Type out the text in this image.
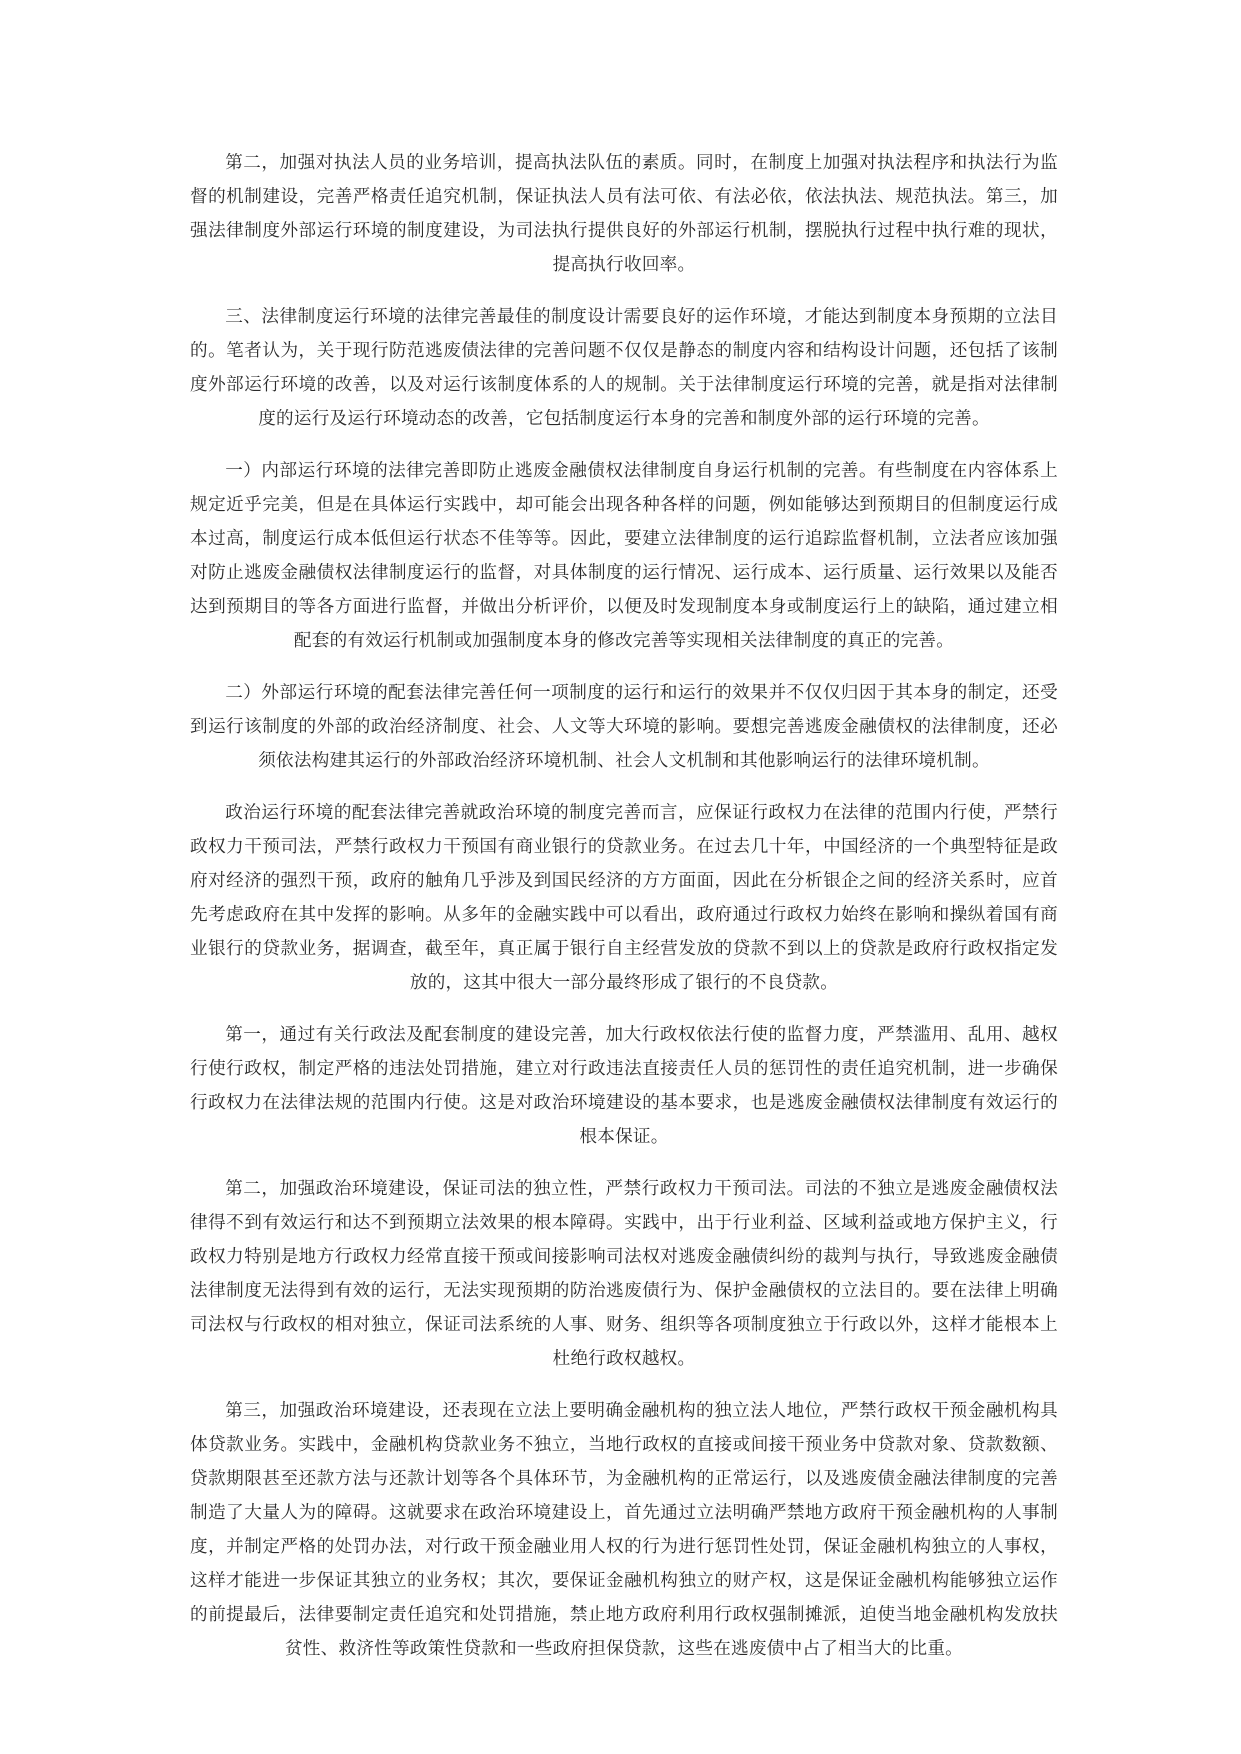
第二，加强对执法人员的业务培训，提高执法队伍的素质。同时，在制度上加强对执法程序和执法行为监督的机制建设，完善严格责任追究机制，保证执法人员有法可依、有法必依，依法执法、规范执法。第三，加强法律制度外部运行环境的制度建设，为司法执行提供良好的外部运行机制，摆脱执行过程中执行难的现状，提高执行收回率。

三、法律制度运行环境的法律完善最佳的制度设计需要良好的运作环境，才能达到制度本身预期的立法目的。笔者认为，关于现行防范逃废债法律的完善问题不仅仅是静态的制度内容和结构设计问题，还包括了该制度外部运行环境的改善，以及对运行该制度体系的人的规制。关于法律制度运行环境的完善，就是指对法律制度的运行及运行环境动态的改善，它包括制度运行本身的完善和制度外部的运行环境的完善。

一）内部运行环境的法律完善即防止逃废金融债权法律制度自身运行机制的完善。有些制度在内容体系上规定近乎完美，但是在具体运行实践中，却可能会出现各种各样的问题，例如能够达到预期目的但制度运行成本过高，制度运行成本低但运行状态不佳等等。因此，要建立法律制度的运行追踪监督机制，立法者应该加强对防止逃废金融债权法律制度运行的监督，对具体制度的运行情况、运行成本、运行质量、运行效果以及能否达到预期目的等各方面进行监督，并做出分析评价，以便及时发现制度本身或制度运行上的缺陷，通过建立相配套的有效运行机制或加强制度本身的修改完善等实现相关法律制度的真正的完善。

二）外部运行环境的配套法律完善任何一项制度的运行和运行的效果并不仅仅归因于其本身的制定，还受到运行该制度的外部的政治经济制度、社会、人文等大环境的影响。要想完善逃废金融债权的法律制度，还必须依法构建其运行的外部政治经济环境机制、社会人文机制和其他影响运行的法律环境机制。

政治运行环境的配套法律完善就政治环境的制度完善而言，应保证行政权力在法律的范围内行使，严禁行政权力干预司法，严禁行政权力干预国有商业银行的贷款业务。在过去几十年，中国经济的一个典型特征是政府对经济的强烈干预，政府的触角几乎涉及到国民经济的方方面面，因此在分析银企之间的经济关系时，应首先考虑政府在其中发挥的影响。从多年的金融实践中可以看出，政府通过行政权力始终在影响和操纵着国有商业银行的贷款业务，据调查，截至年，真正属于银行自主经营发放的贷款不到以上的贷款是政府行政权指定发放的，这其中很大一部分最终形成了银行的不良贷款。

第一，通过有关行政法及配套制度的建设完善，加大行政权依法行使的监督力度，严禁滥用、乱用、越权行使行政权，制定严格的违法处罚措施，建立对行政违法直接责任人员的惩罚性的责任追究机制，进一步确保行政权力在法律法规的范围内行使。这是对政治环境建设的基本要求，也是逃废金融债权法律制度有效运行的根本保证。

第二，加强政治环境建设，保证司法的独立性，严禁行政权力干预司法。司法的不独立是逃废金融债权法律得不到有效运行和达不到预期立法效果的根本障碍。实践中，出于行业利益、区域利益或地方保护主义，行政权力特别是地方行政权力经常直接干预或间接影响司法权对逃废金融债纠纷的裁判与执行，导致逃废金融债法律制度无法得到有效的运行，无法实现预期的防治逃废债行为、保护金融债权的立法目的。要在法律上明确司法权与行政权的相对独立，保证司法系统的人事、财务、组织等各项制度独立于行政以外，这样才能根本上杜绝行政权越权。

第三，加强政治环境建设，还表现在立法上要明确金融机构的独立法人地位，严禁行政权干预金融机构具体贷款业务。实践中，金融机构贷款业务不独立，当地行政权的直接或间接干预业务中贷款对象、贷款数额、贷款期限甚至还款方法与还款计划等各个具体环节，为金融机构的正常运行，以及逃废债金融法律制度的完善制造了大量人为的障碍。这就要求在政治环境建设上，首先通过立法明确严禁地方政府干预金融机构的人事制度，并制定严格的处罚办法，对行政干预金融业用人权的行为进行惩罚性处罚，保证金融机构独立的人事权，这样才能进一步保证其独立的业务权；其次，要保证金融机构独立的财产权，这是保证金融机构能够独立运作的前提最后，法律要制定责任追究和处罚措施，禁止地方政府利用行政权强制摊派，迫使当地金融机构发放扶贫性、救济性等政策性贷款和一些政府担保贷款，这些在逃废债中占了相当大的比重。
